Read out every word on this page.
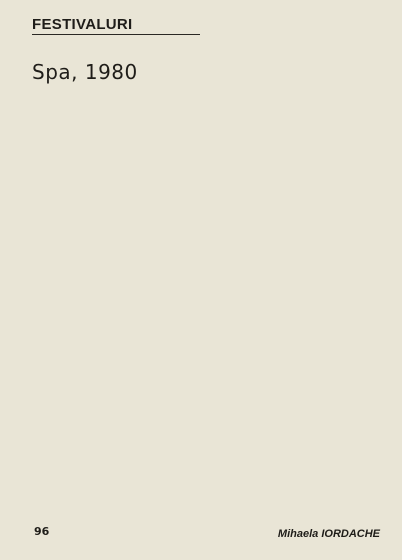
FESTIVALURI
Spa, 1980
96	Mihaela IORDACHE
